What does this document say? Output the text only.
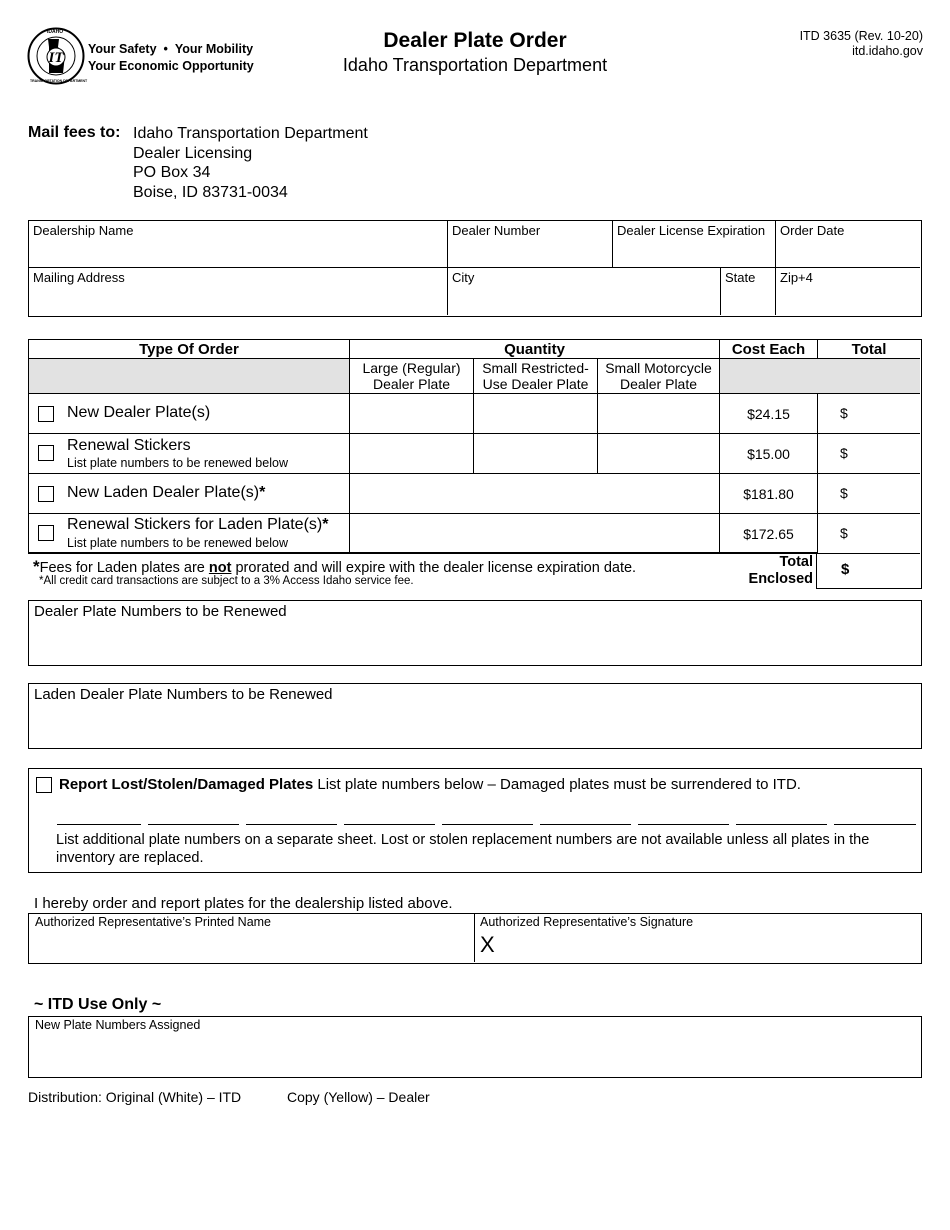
IT
IDAHO
TRANSPORTATION DEPARTMENT
Your Safety • Your Mobility
Your Economic Opportunity
Dealer Plate Order
Idaho Transportation Department
ITD 3635 (Rev. 10-20)
itd.idaho.gov
Mail fees to: Idaho Transportation Department
Dealer Licensing
PO Box 34
Boise, ID 83731-0034
Dealership Name	Dealer Number	Dealer License Expiration Order Date
Mailing Address	City	State Zip+4
Type Of Order	Quantity	Cost Each	Total
Large (Regular)
Dealer Plate
Small Restricted-
Use Dealer Plate
Small Motorcycle
Dealer Plate
New Dealer Plate(s)	$24.15	$
Renewal Stickers
List plate numbers to be renewed below
$15.00	$
New Laden Dealer Plate(s)*	$181.80	$
Renewal Stickers for Laden Plate(s)*
List plate numbers to be renewed below
$172.65	$
*Fees for Laden plates are not prorated and will expire with the dealer license expiration date.
*All credit card transactions are subject to a 3% Access Idaho service fee.
Total
Enclosed
$
Dealer Plate Numbers to be Renewed
Laden Dealer Plate Numbers to be Renewed
Report Lost/Stolen/Damaged Plates List plate numbers below – Damaged plates must be surrendered to ITD.
List additional plate numbers on a separate sheet. Lost or stolen replacement numbers are not available unless all plates in the inventory are replaced.
I hereby order and report plates for the dealership listed above.
Authorized Representative’s Printed Name	Authorized Representative’s Signature
X
~ ITD Use Only ~
New Plate Numbers Assigned
Distribution: Original (White) – ITD	Copy (Yellow) – Dealer
